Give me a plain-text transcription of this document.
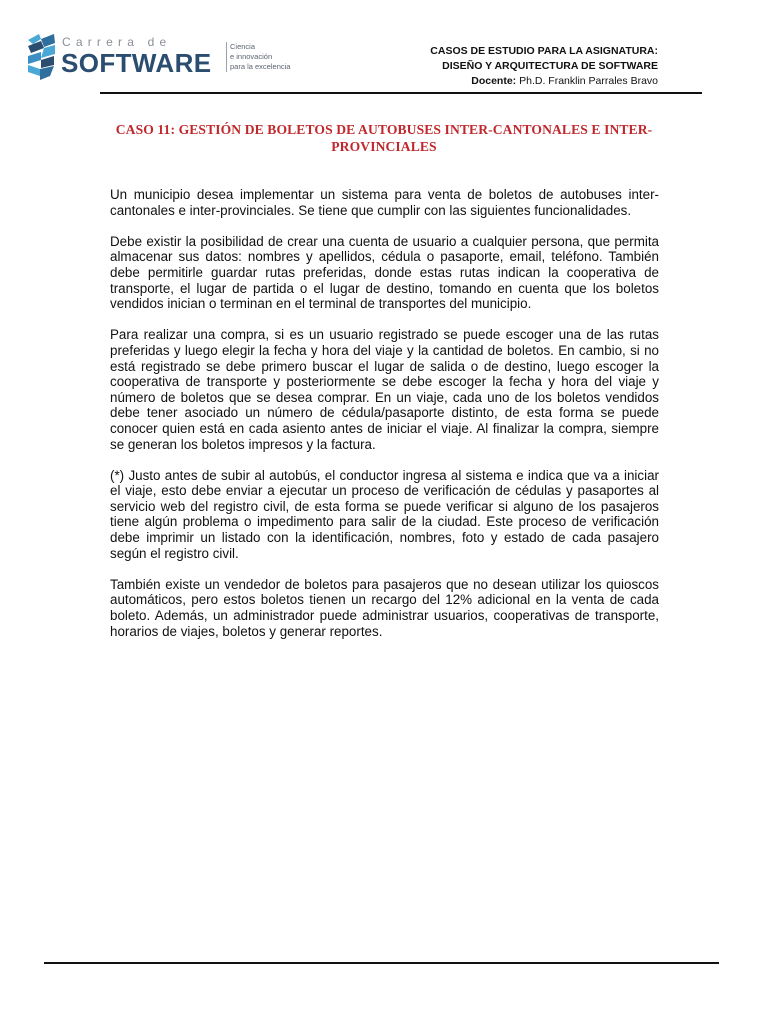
Carrera de
SOFTWARE
Ciencia
e innovación
para la excelencia
CASOS DE ESTUDIO PARA LA ASIGNATURA:
DISEÑO Y ARQUITECTURA DE SOFTWARE
Docente: Ph.D. Franklin Parrales Bravo
CASO 11: GESTIÓN DE BOLETOS DE AUTOBUSES INTER-CANTONALES E INTER-PROVINCIALES

Un municipio desea implementar un sistema para venta de boletos de autobuses inter-cantonales e inter-provinciales. Se tiene que cumplir con las siguientes funcionalidades.

Debe existir la posibilidad de crear una cuenta de usuario a cualquier persona, que permita almacenar sus datos: nombres y apellidos, cédula o pasaporte, email, teléfono. También debe permitirle guardar rutas preferidas, donde estas rutas indican la cooperativa de transporte, el lugar de partida o el lugar de destino, tomando en cuenta que los boletos vendidos inician o terminan en el terminal de transportes del municipio.

Para realizar una compra, si es un usuario registrado se puede escoger una de las rutas preferidas y luego elegir la fecha y hora del viaje y la cantidad de boletos. En cambio, si no está registrado se debe primero buscar el lugar de salida o de destino, luego escoger la cooperativa de transporte y posteriormente se debe escoger la fecha y hora del viaje y número de boletos que se desea comprar. En un viaje, cada uno de los boletos vendidos debe tener asociado un número de cédula/pasaporte distinto, de esta forma se puede conocer quien está en cada asiento antes de iniciar el viaje. Al finalizar la compra, siempre se generan los boletos impresos y la factura.

(*) Justo antes de subir al autobús, el conductor ingresa al sistema e indica que va a iniciar el viaje, esto debe enviar a ejecutar un proceso de verificación de cédulas y pasaportes al servicio web del registro civil, de esta forma se puede verificar si alguno de los pasajeros tiene algún problema o impedimento para salir de la ciudad. Este proceso de verificación debe imprimir un listado con la identificación, nombres, foto y estado de cada pasajero según el registro civil.

También existe un vendedor de boletos para pasajeros que no desean utilizar los quioscos automáticos, pero estos boletos tienen un recargo del 12% adicional en la venta de cada boleto. Además, un administrador puede administrar usuarios, cooperativas de transporte, horarios de viajes, boletos y generar reportes.
